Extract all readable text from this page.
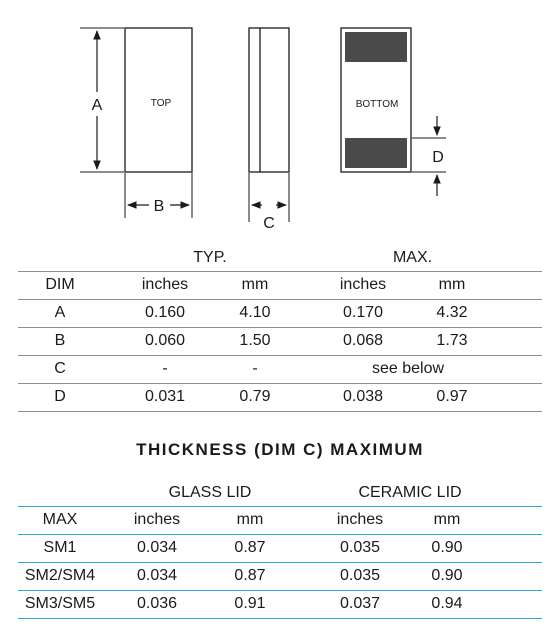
TOP
A
B
C
BOTTOM
D
TYP.	MAX.
DIM	inches	mm	inches	mm
A	0.160	4.10	0.170	4.32
B	0.060	1.50	0.068	1.73
C	-	-	see below
D	0.031	0.79	0.038	0.97
THICKNESS (DIM C) MAXIMUM
GLASS LID	CERAMIC LID
MAX	inches	mm	inches	mm
SM1	0.034	0.87	0.035	0.90
SM2/SM4	0.034	0.87	0.035	0.90
SM3/SM5	0.036	0.91	0.037	0.94
